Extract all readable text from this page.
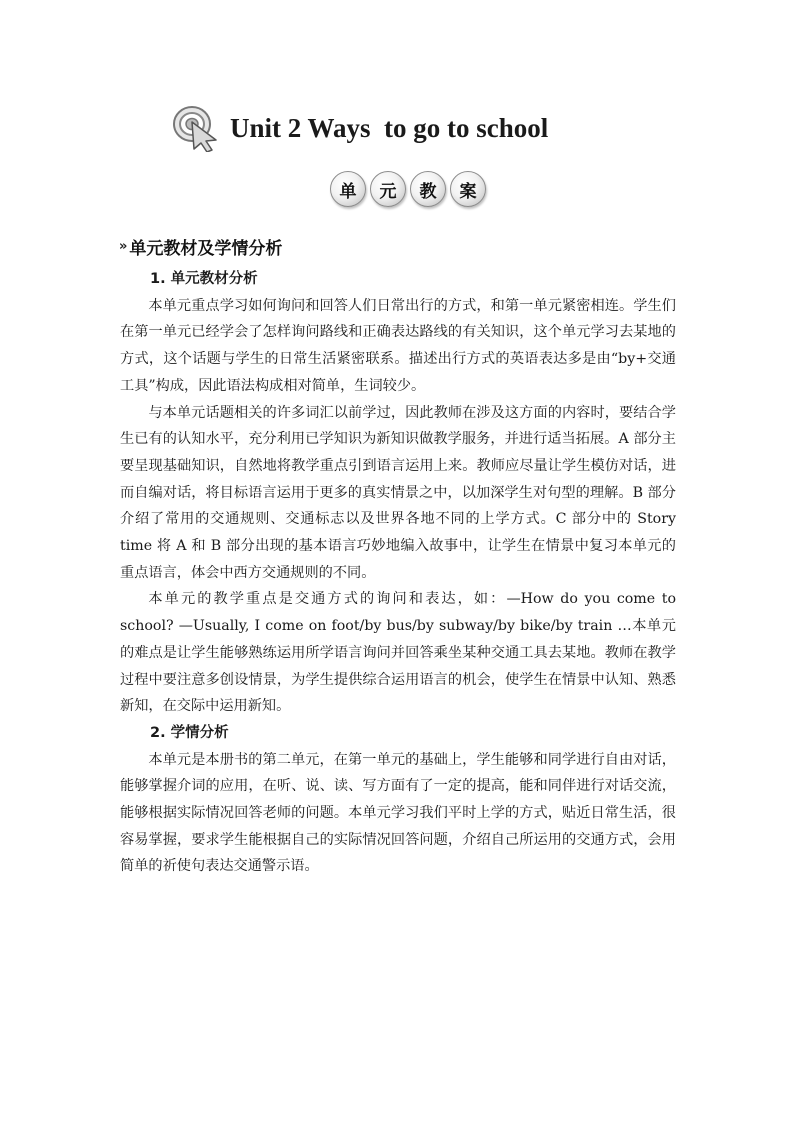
Unit 2 Ways  to go to school
单	元	教	案
» 单元教材及学情分析
1. 单元教材分析

本单元重点学习如何询问和回答人们日常出行的方式，和第一单元紧密相连。学生们在第一单元已经学会了怎样询问路线和正确表达路线的有关知识，这个单元学习去某地的方式，这个话题与学生的日常生活紧密联系。描述出行方式的英语表达多是由“by+交通工具”构成，因此语法构成相对简单，生词较少。

与本单元话题相关的许多词汇以前学过，因此教师在涉及这方面的内容时，要结合学生已有的认知水平，充分利用已学知识为新知识做教学服务，并进行适当拓展。A 部分主要呈现基础知识，自然地将教学重点引到语言运用上来。教师应尽量让学生模仿对话，进而自编对话，将目标语言运用于更多的真实情景之中，以加深学生对句型的理解。B 部分介绍了常用的交通规则、交通标志以及世界各地不同的上学方式。C 部分中的 Story time 将 A 和 B 部分出现的基本语言巧妙地编入故事中，让学生在情景中复习本单元的重点语言，体会中西方交通规则的不同。

本单元的教学重点是交通方式的询问和表达，如：—How do you come to school? —Usually, I come on foot/by bus/by subway/by bike/by train …本单元的难点是让学生能够熟练运用所学语言询问并回答乘坐某种交通工具去某地。教师在教学过程中要注意多创设情景，为学生提供综合运用语言的机会，使学生在情景中认知、熟悉新知，在交际中运用新知。

2. 学情分析

本单元是本册书的第二单元，在第一单元的基础上，学生能够和同学进行自由对话，能够掌握介词的应用，在听、说、读、写方面有了一定的提高，能和同伴进行对话交流，能够根据实际情况回答老师的问题。本单元学习我们平时上学的方式，贴近日常生活，很容易掌握，要求学生能根据自己的实际情况回答问题，介绍自己所运用的交通方式，会用简单的祈使句表达交通警示语。
